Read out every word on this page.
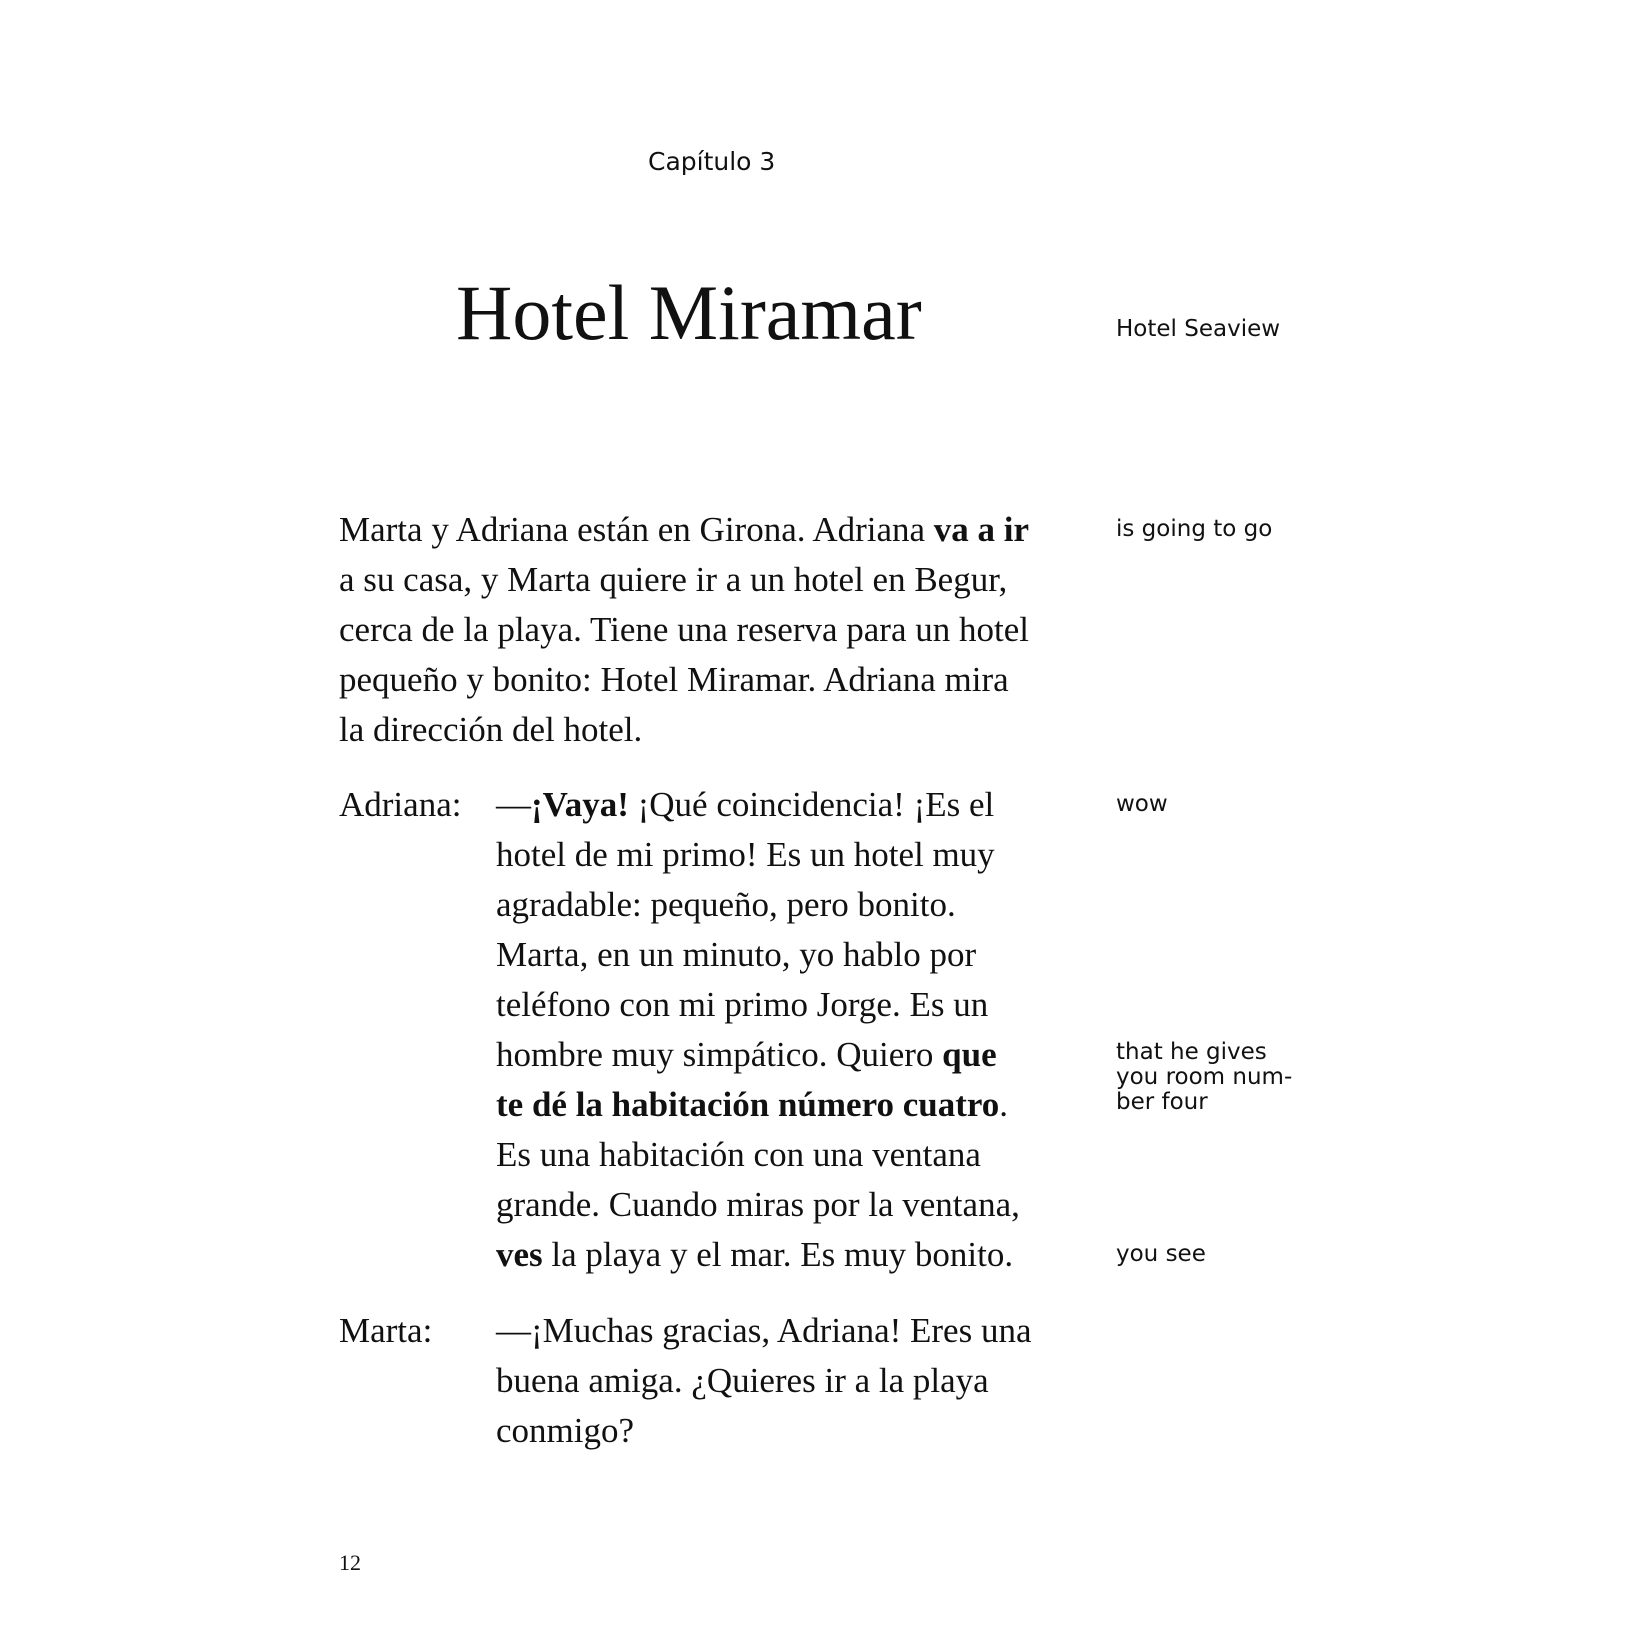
Capítulo 3
Hotel Miramar	Hotel Seaview
Marta y Adriana están en Girona. Adriana va a ir
a su casa, y Marta quiere ir a un hotel en Begur,
cerca de la playa. Tiene una reserva para un hotel
pequeño y bonito: Hotel Miramar. Adriana mira
la dirección del hotel.
is going to go
Adriana: —¡Vaya! ¡Qué coincidencia! ¡Es el
hotel de mi primo! Es un hotel muy
agradable: pequeño, pero bonito.
Marta, en un minuto, yo hablo por
teléfono con mi primo Jorge. Es un
hombre muy simpático. Quiero que
te dé la habitación número cuatro.
Es una habitación con una ventana
grande. Cuando miras por la ventana,
ves la playa y el mar. Es muy bonito.
wow
that he gives
you room num-
ber four
you see
Marta: —¡Muchas gracias, Adriana! Eres una
buena amiga. ¿Quieres ir a la playa
conmigo?
12
